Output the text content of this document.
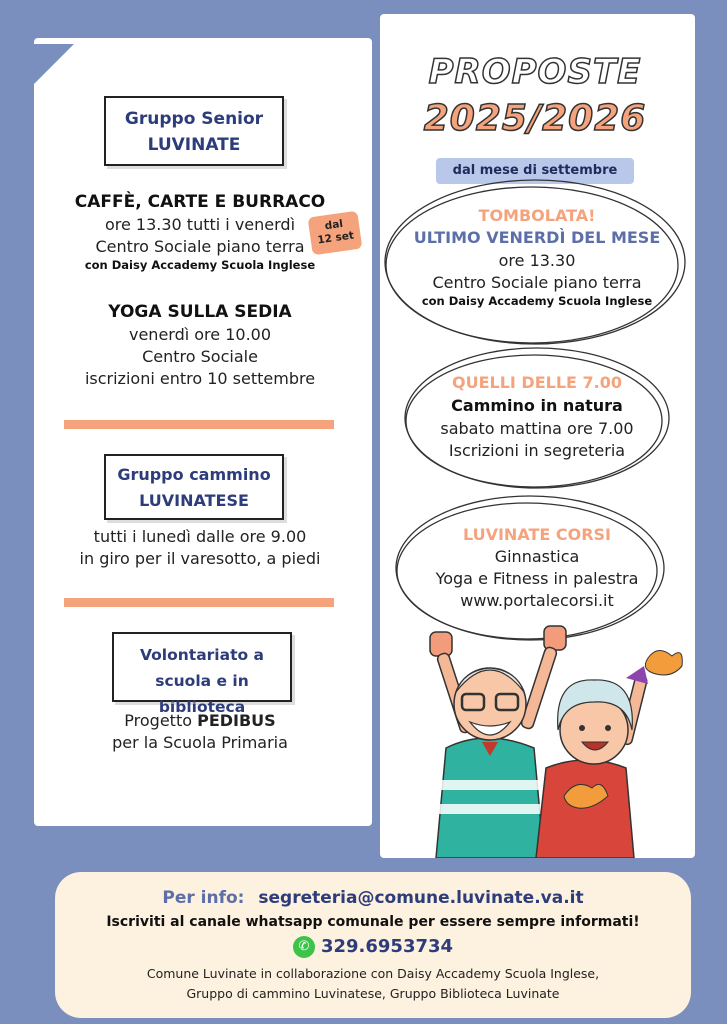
Gruppo Senior
LUVINATE
CAFFÈ, CARTE E BURRACO
ore 13.30 tutti i venerdì
Centro Sociale piano terra
con Daisy Accademy Scuola Inglese
dal
12 set
YOGA SULLA SEDIA
venerdì ore 10.00
Centro Sociale
iscrizioni entro 10 settembre
Gruppo cammino
LUVINATESE
tutti i lunedì dalle ore 9.00
in giro per il varesotto, a piedi
Volontariato a
scuola e in biblioteca
Progetto PEDIBUS
per la Scuola Primaria
PROPOSTE
2025/2026
dal mese di settembre
TOMBOLATA!
ULTIMO VENERDÌ DEL MESE
ore 13.30
Centro Sociale piano terra
con Daisy Accademy Scuola Inglese
QUELLI DELLE 7.00
Cammino in natura
sabato mattina ore 7.00
Iscrizioni in segreteria
LUVINATE CORSI
Ginnastica
Yoga e Fitness in palestra
www.portalecorsi.it
Per info: segreteria@comune.luvinate.va.it
Iscriviti al canale whatsapp comunale per essere sempre informati!
✆ 329.6953734
Comune Luvinate in collaborazione con Daisy Accademy Scuola Inglese,
Gruppo di cammino Luvinatese, Gruppo Biblioteca Luvinate
